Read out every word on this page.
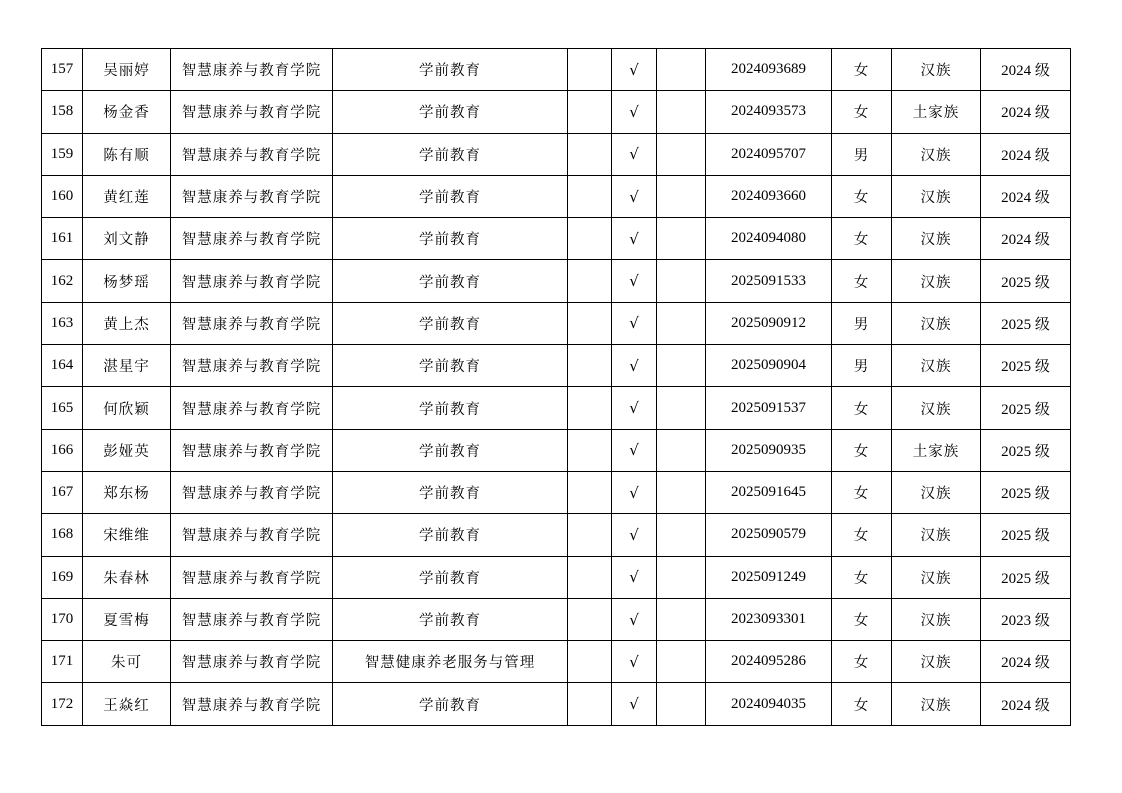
157	吴丽婷	智慧康养与教育学院	学前教育		√		2024093689	女	汉族	2024 级
158	杨金香	智慧康养与教育学院	学前教育		√		2024093573	女	土家族	2024 级
159	陈有顺	智慧康养与教育学院	学前教育		√		2024095707	男	汉族	2024 级
160	黄红莲	智慧康养与教育学院	学前教育		√		2024093660	女	汉族	2024 级
161	刘文静	智慧康养与教育学院	学前教育		√		2024094080	女	汉族	2024 级
162	杨梦瑶	智慧康养与教育学院	学前教育		√		2025091533	女	汉族	2025 级
163	黄上杰	智慧康养与教育学院	学前教育		√		2025090912	男	汉族	2025 级
164	湛星宇	智慧康养与教育学院	学前教育		√		2025090904	男	汉族	2025 级
165	何欣颖	智慧康养与教育学院	学前教育		√		2025091537	女	汉族	2025 级
166	彭娅英	智慧康养与教育学院	学前教育		√		2025090935	女	土家族	2025 级
167	郑东杨	智慧康养与教育学院	学前教育		√		2025091645	女	汉族	2025 级
168	宋维维	智慧康养与教育学院	学前教育		√		2025090579	女	汉族	2025 级
169	朱春林	智慧康养与教育学院	学前教育		√		2025091249	女	汉族	2025 级
170	夏雪梅	智慧康养与教育学院	学前教育		√		2023093301	女	汉族	2023 级
171	朱可	智慧康养与教育学院	智慧健康养老服务与管理		√		2024095286	女	汉族	2024 级
172	王焱红	智慧康养与教育学院	学前教育		√		2024094035	女	汉族	2024 级
